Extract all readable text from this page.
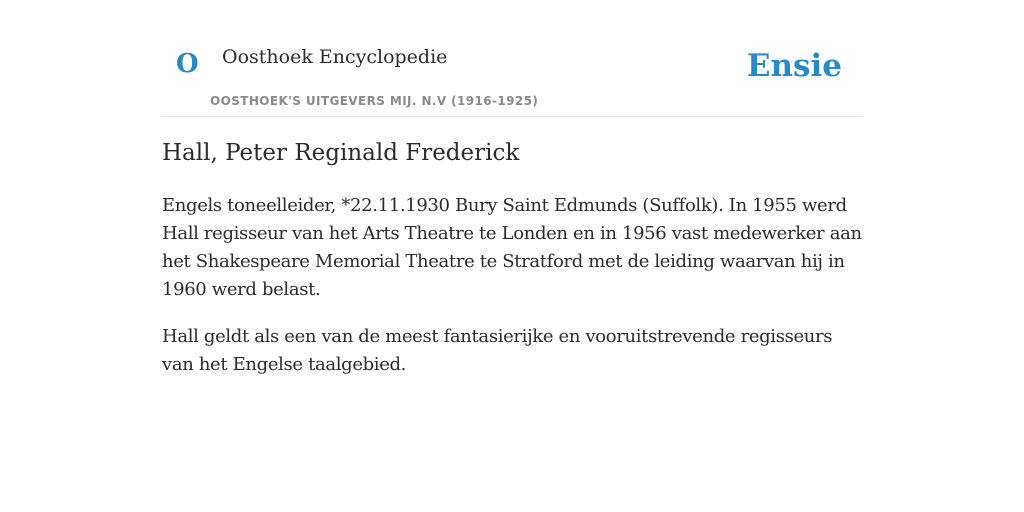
O Oosthoek Encyclopedie
OOSTHOEK'S UITGEVERS MIJ. N.V (1916-1925)
Ensie
Hall, Peter Reginald Frederick

Engels toneelleider, *22.11.1930 Bury Saint Edmunds (Suffolk). In 1955 werd Hall regisseur van het Arts Theatre te Londen en in 1956 vast medewerker aan het Shakespeare Memorial Theatre te Stratford met de leiding waarvan hij in 1960 werd belast.

Hall geldt als een van de meest fantasierijke en vooruitstrevende regisseurs van het Engelse taalgebied.
